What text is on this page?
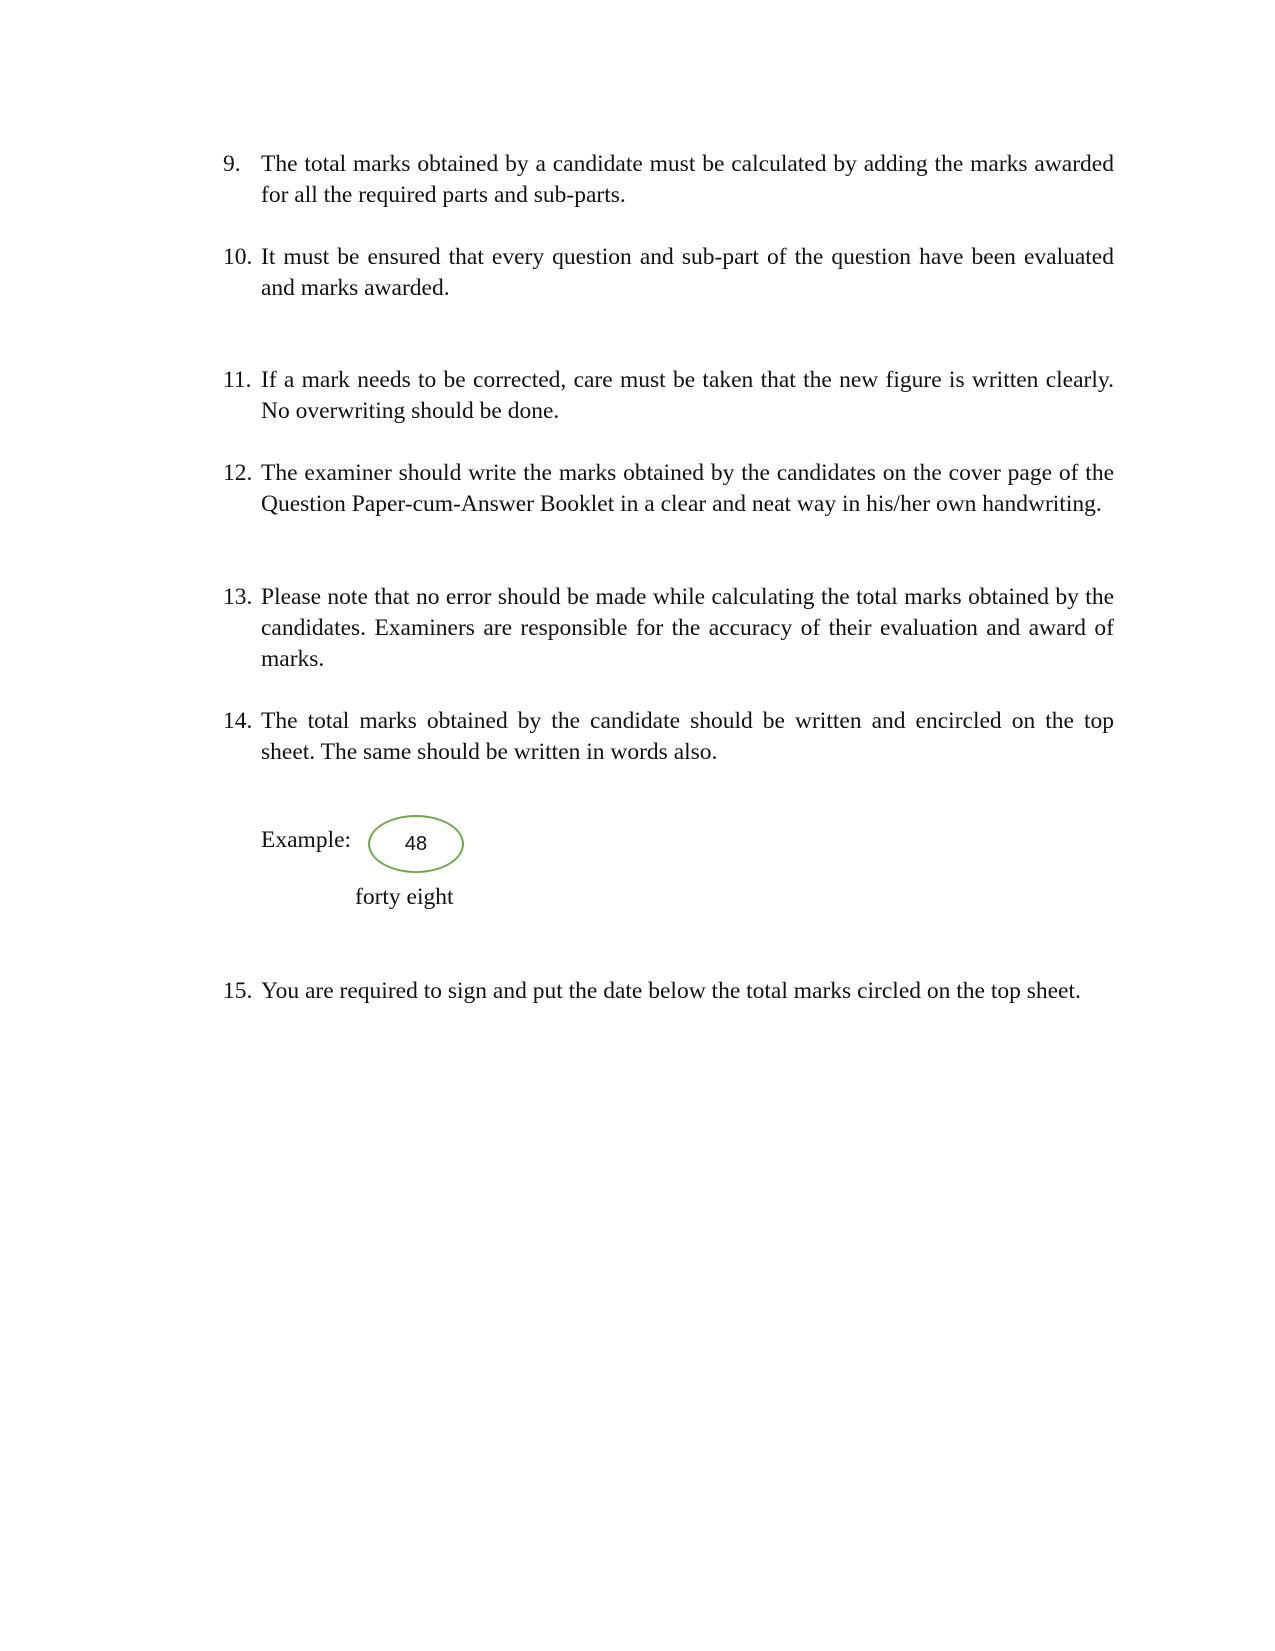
9. The total marks obtained by a candidate must be calculated by adding the marks awarded for all the required parts and sub-parts.
10. It must be ensured that every question and sub-part of the question have been evaluated and marks awarded.
11. If a mark needs to be corrected, care must be taken that the new figure is written clearly. No overwriting should be done.
12. The examiner should write the marks obtained by the candidates on the cover page of the Question Paper-cum-Answer Booklet in a clear and neat way in his/her own handwriting.
13. Please note that no error should be made while calculating the total marks obtained by the candidates. Examiners are responsible for the accuracy of their evaluation and award of marks.
14. The total marks obtained by the candidate should be written and encircled on the top sheet. The same should be written in words also.
Example:	48
forty eight
15. You are required to sign and put the date below the total marks circled on the top sheet.
